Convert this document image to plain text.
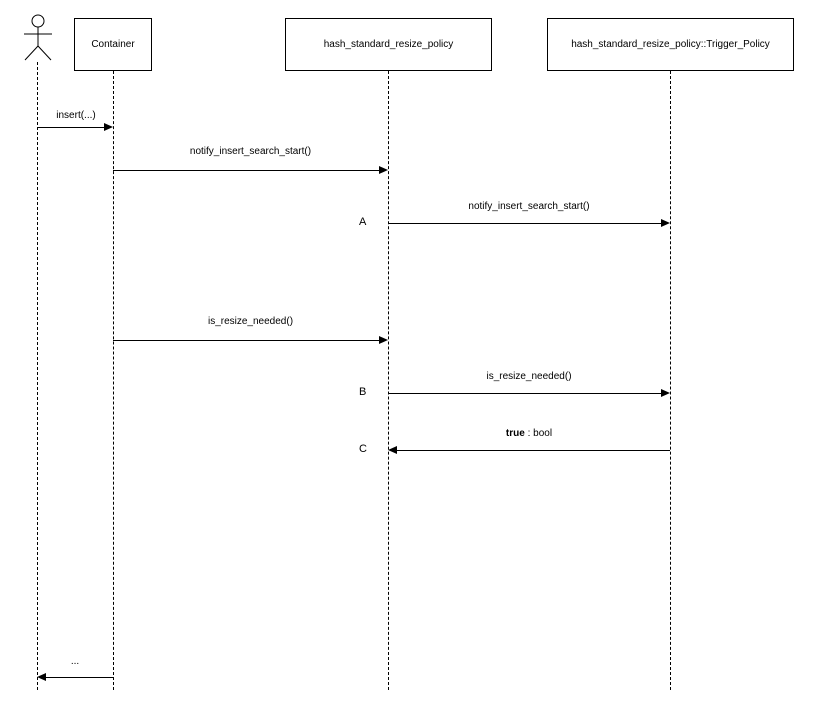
Container	hash_standard_resize_policy	hash_standard_resize_policy::Trigger_Policy
insert(...)
notify_insert_search_start()
A
notify_insert_search_start()
is_resize_needed()
B
is_resize_needed()
C
true : bool
...
